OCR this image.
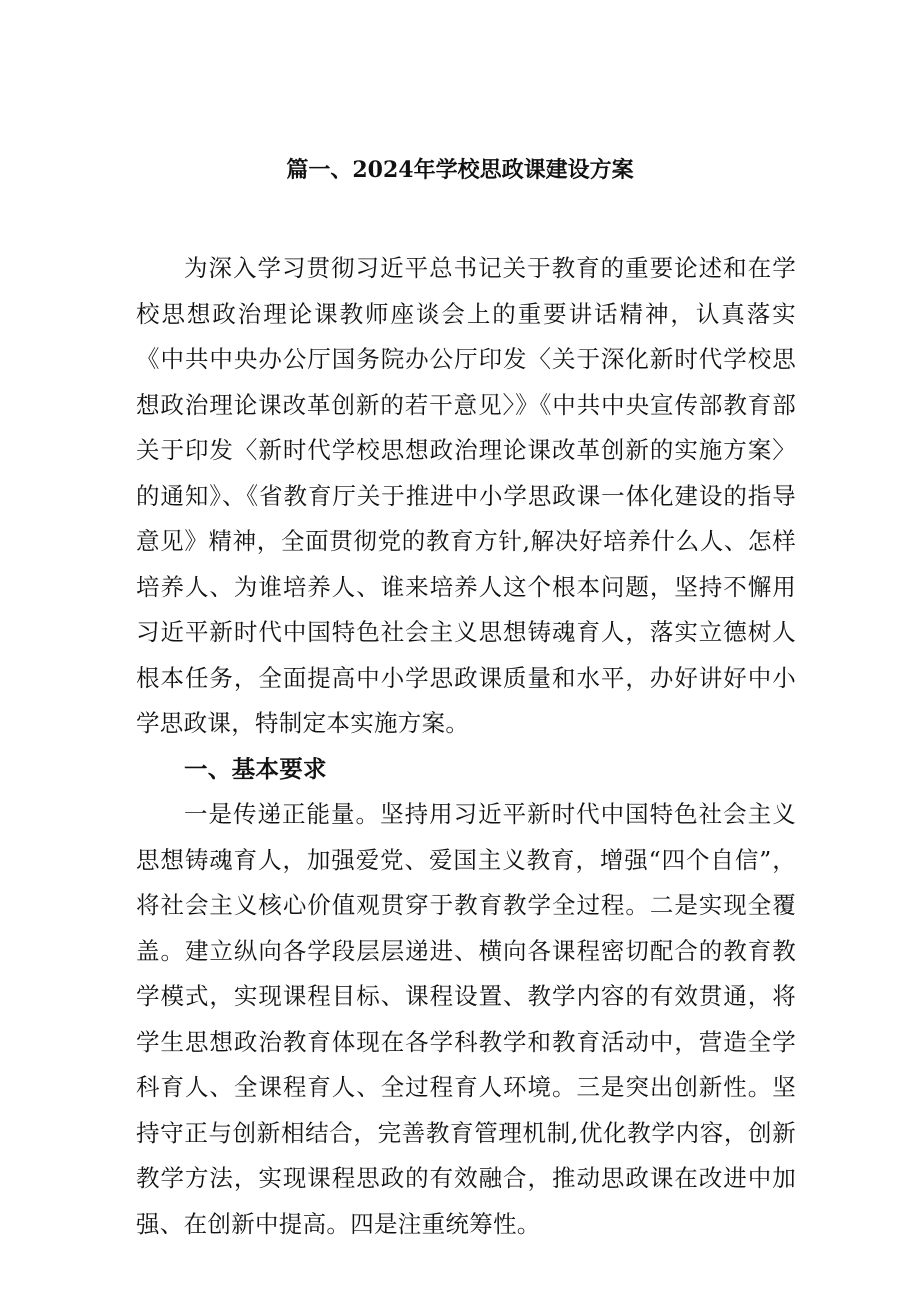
篇一、2024年学校思政课建设方案

为深入学习贯彻习近平总书记关于教育的重要论述和在学校思想政治理论课教师座谈会上的重要讲话精神，认真落实《中共中央办公厅国务院办公厅印发〈关于深化新时代学校思想政治理论课改革创新的若干意见〉》《中共中央宣传部教育部关于印发〈新时代学校思想政治理论课改革创新的实施方案〉的通知》、《省教育厅关于推进中小学思政课一体化建设的指导意见》精神，全面贯彻党的教育方针,解决好培养什么人、怎样培养人、为谁培养人、谁来培养人这个根本问题，坚持不懈用习近平新时代中国特色社会主义思想铸魂育人，落实立德树人根本任务，全面提高中小学思政课质量和水平，办好讲好中小学思政课，特制定本实施方案。

一、基本要求

一是传递正能量。坚持用习近平新时代中国特色社会主义思想铸魂育人，加强爱党、爱国主义教育，增强“四个自信”，将社会主义核心价值观贯穿于教育教学全过程。二是实现全覆盖。建立纵向各学段层层递进、横向各课程密切配合的教育教学模式，实现课程目标、课程设置、教学内容的有效贯通，将学生思想政治教育体现在各学科教学和教育活动中，营造全学科育人、全课程育人、全过程育人环境。三是突出创新性。坚持守正与创新相结合，完善教育管理机制,优化教学内容，创新教学方法，实现课程思政的有效融合，推动思政课在改进中加强、在创新中提高。四是注重统筹性。
